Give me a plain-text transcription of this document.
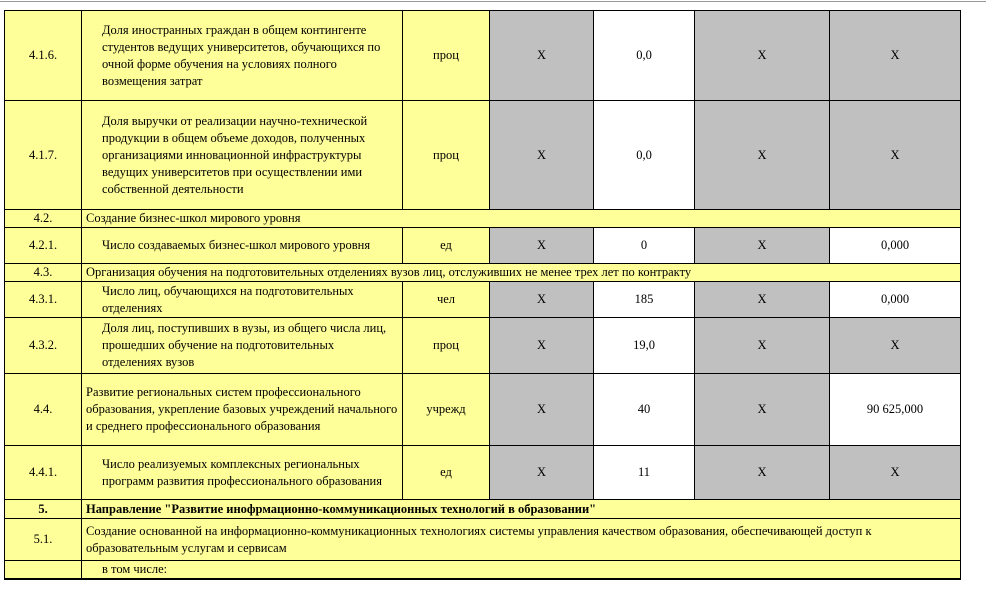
4.1.6.	Доля иностранных граждан в общем контингенте студентов ведущих университетов, обучающихся по очной форме обучения на условиях полного возмещения затрат	проц	X	0,0	X	X
4.1.7.	Доля выручки от реализации научно-технической продукции в общем объеме доходов, полученных организациями инновационной инфраструктуры ведущих университетов при осуществлении ими собственной деятельности	проц	X	0,0	X	X
4.2.	Создание бизнес-школ мирового уровня					
4.2.1.	Число создаваемых бизнес-школ мирового уровня	ед	X	0	X	0,000
4.3.	Организация обучения на подготовительных отделениях вузов лиц, отслуживших не менее трех лет по контракту					
4.3.1.	Число лиц, обучающихся на подготовительных отделениях	чел	X	185	X	0,000
4.3.2.	Доля лиц, поступивших в вузы, из общего числа лиц, прошедших обучение на подготовительных отделениях вузов	проц	X	19,0	X	X
4.4.	Развитие региональных систем профессионального образования, укрепление базовых учреждений начального и среднего профессионального образования	учрежд	X	40	X	90 625,000
4.4.1.	Число реализуемых комплексных региональных программ развития профессионального образования	ед	X	11	X	X
5.	Направление "Развитие инофрмационно-коммуникационных технологий в образовании"					
5.1.	Создание основанной на информационно-коммуникационных технологиях системы управления качеством образования, обеспечивающей доступ к образовательным услугам и сервисам					
	в том числе:					
